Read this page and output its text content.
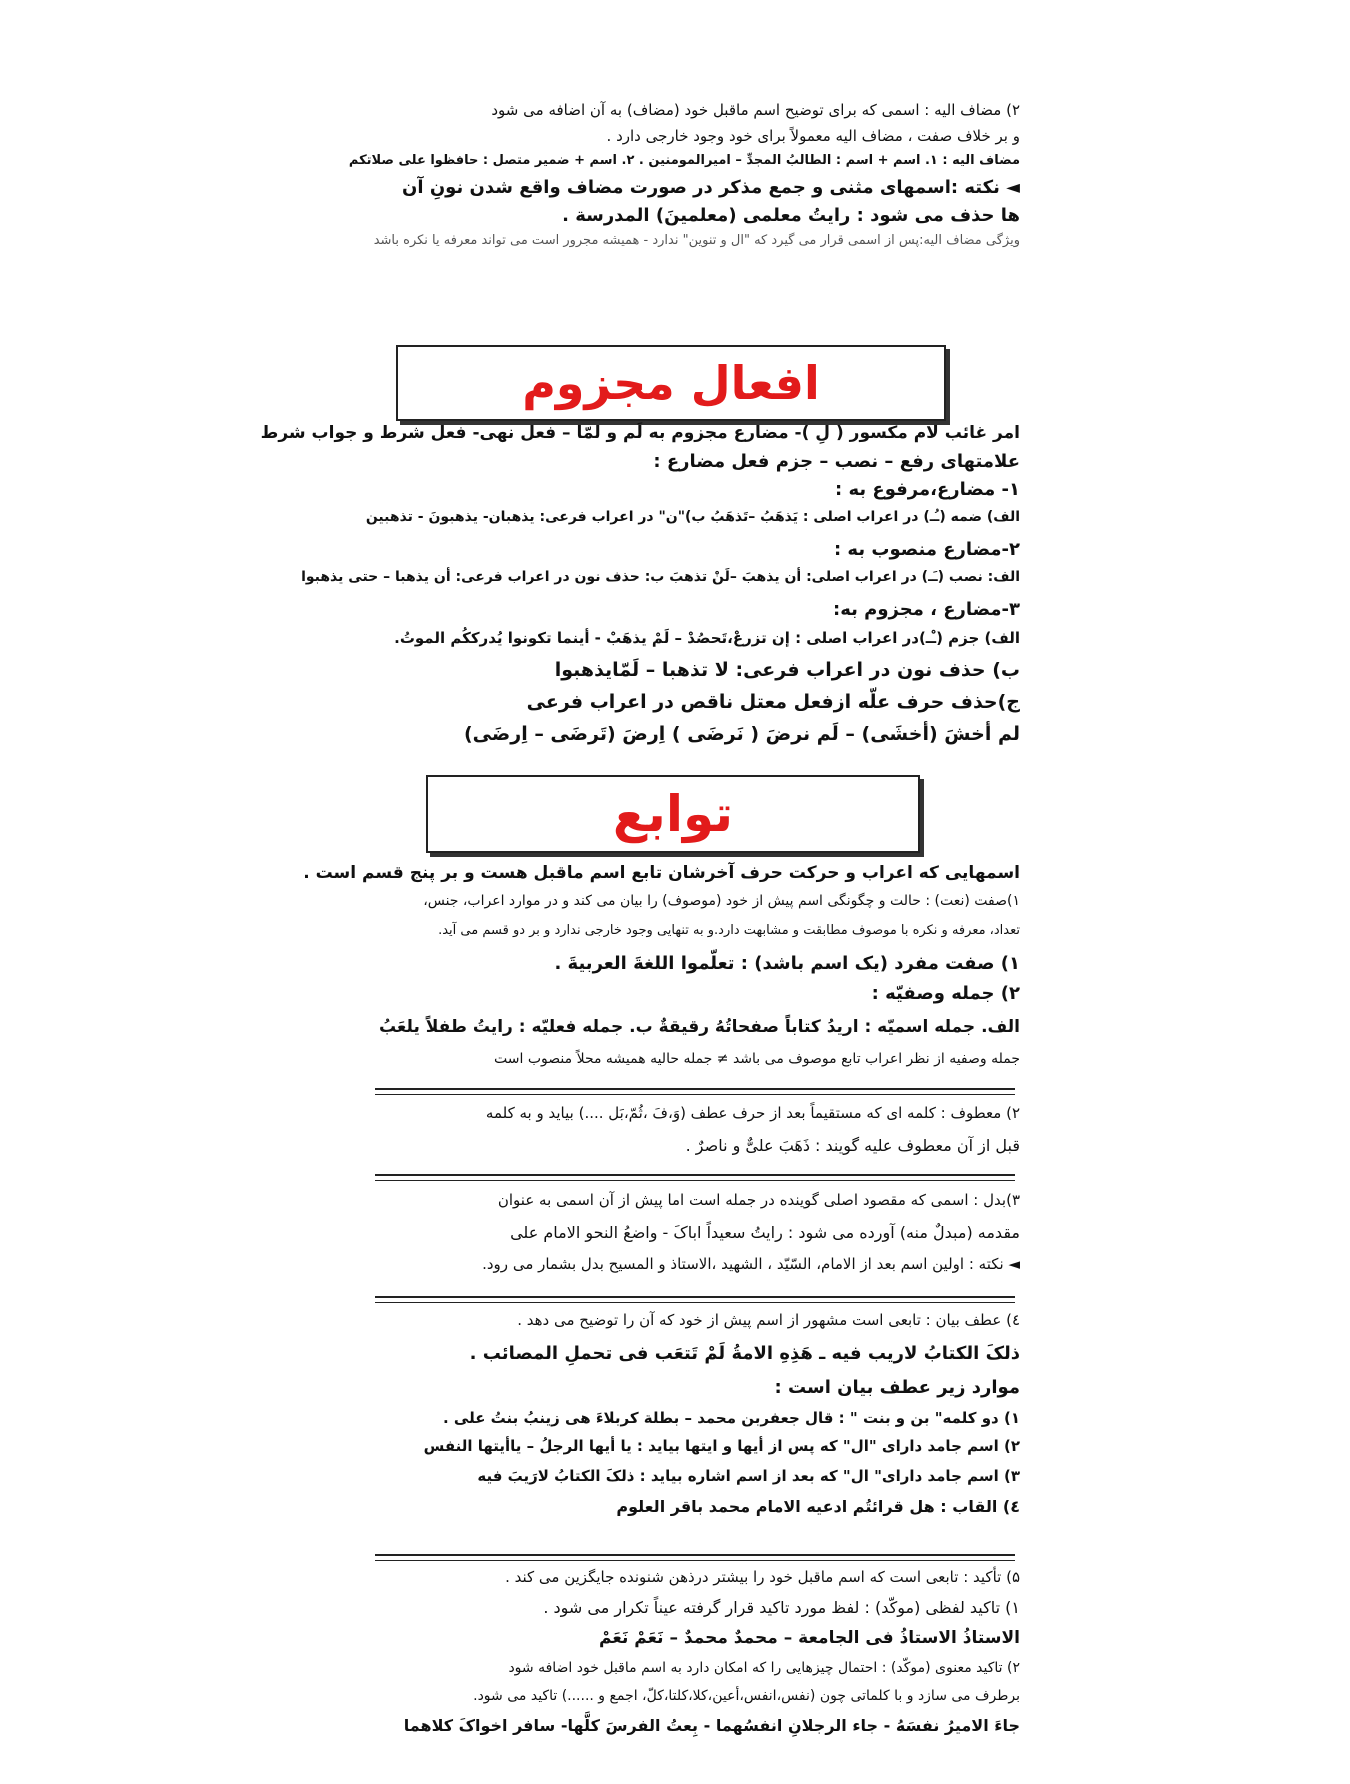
۲) مضاف الیه : اسمی که برای توضیح اسم ماقبل خود (مضاف) به آن اضافه می شود
و بر خلاف صفت ، مضاف الیه معمولاً برای خود وجود خارجی دارد .
مضاف الیه : ۱. اسم + اسم : الطالبُ المجدِّ – امیرالمومنین . ۲. اسم + ضمیر متصل : حافظوا علی صلاتکم
◄ نکته :اسمهای مثنی و جمع مذکر در صورت مضاف واقع شدن نونِ آن
ها حذف می شود : رایتُ معلمی (معلمینَ) المدرسة .
ویژگی مضاف الیه:پس از اسمی قرار می گیرد که "ال و تنوین" ندارد - همیشه مجرور است می تواند معرفه یا نکره باشد
افعال مجزوم
امر غائب لام مکسور ( لِ )- مضارع مجزوم به لَم و لمّا – فعل نهی- فعل شرط و جواب شرط
علامتهای رفع – نصب – جزم فعل مضارع :
۱- مضارع،مرفوع به :
الف) ضمه (ـُـ) در اعراب اصلی : یَذهَبُ –تَذهَبُ ب)"ن" در اعراب فرعی: یذهبان- یذهبونَ - تذهبین
۲-مضارع منصوب به :
الف: نصب (ـَـ) در اعراب اصلی: أن یذهبَ –لَنْ تذهبَ ب: حذف نون در اعراب فرعی: أن یذهبا – حتی یذهبوا
۳-مضارع ، مجزوم به:
الف) جزم (ـْـ)در اعراب اصلی : إن تزرعْ،تَحصُدْ – لَمْ یذهَبْ - أینما تکونوا یُدرککُم الموتُ.
ب) حذف نون در اعراب فرعی: لا تذهبا – لَمّایذهبوا
ج)حذف حرف علّه ازفعل معتل ناقص در اعراب فرعی
لم أخشَ (أخشَی) – لَم نرضَ ( نَرضَی ) اِرضَ (تَرضَی – اِرضَی)
توابع
اسمهایی که اعراب و حرکت حرف آخرشان تابع اسم ماقبل هست و بر پنج قسم است .
۱)صفت (نعت) : حالت و چگونگی اسم پیش از خود (موصوف) را بیان می کند و در موارد اعراب، جنس،
تعداد، معرفه و نکره با موصوف مطابقت و مشابهت دارد.و به تنهایی وجود خارجی ندارد و بر دو قسم می آید.
۱) صفت مفرد (یک اسم باشد) : تعلّموا اللغةَ العربیةَ .
۲) جمله وصفیّه :
الف. جمله اسمیّه : اریدُ کتاباً صفحاتُهُ رقیقةٌ ب. جمله فعلیّه : رایتُ طفلاً یلعَبُ
جمله وصفیه از نظر اعراب تابع موصوف می باشد ≠ جمله حالیه همیشه محلاً منصوب است
۲) معطوف : کلمه ای که مستقیماً بعد از حرف عطف (وَ،فَ ،ثُمّ،بَل ....) بیاید و به کلمه
قبل از آن معطوف علیه گویند : ذَهَبَ علیٌّ و ناصرٌ .
۳)بدل : اسمی که مقصود اصلی گوینده در جمله است اما پیش از آن اسمی به عنوان
مقدمه (مبدلٌ منه) آورده می شود : رایتُ سعیداً اباکَ - واضعُ النحو الامام علی
◄ نکته : اولین اسم بعد از الامام، السّیّد ، الشهید ،الاستاذ و المسیح بدل بشمار می رود.
٤) عطف بیان : تابعی است مشهور از اسم پیش از خود که آن را توضیح می دهد .
ذلکَ الکتابُ لاریب فیه ـ هَذِهِ الامةُ لَمْ تَتعَب فی تحملِ المصائب .
موارد زیر عطف بیان است :
۱) دو کلمه" بن و بنت " : قال جعفربن محمد – بطلة کربلاءَ هی زینبُ بنتُ علی .
۲) اسم جامد دارای "ال" که پس از أیها و ایتها بیاید : یا أیها الرجلُ – یاأیتها النفس
۳) اسم جامد دارای" ال" که بعد از اسم اشاره بیاید : ذلکَ الکتابُ لارَیبَ فیه
٤) القاب : هل قرائتُم ادعیه الامام محمد باقر العلوم
۵) تأکید : تابعی است که اسم ماقبل خود را بیشتر درذهن شنونده جایگزین می کند .
۱) تاکید لفظی (موکّد) : لفظ مورد تاکید قرار گرفته عیناً تکرار می شود .
الاستاذُ الاستاذُ فی الجامعة – محمدٌ محمدٌ – نَعَمْ نَعَمْ
۲) تاکید معنوی (موکّد) : احتمال چیزهایی را که امکان دارد به اسم ماقبل خود اضافه شود
برطرف می سازد و با کلماتی چون (نفس،انفس،أعین،کلا،کلتا،کلّ، اجمع و ......) تاکید می شود.
جاءَ الامیرُ نفسَهُ - جاء الرجلانِ انفسُهما - بِعتُ الفرسَ کلَّها- سافر اخواکَ کلاهما
